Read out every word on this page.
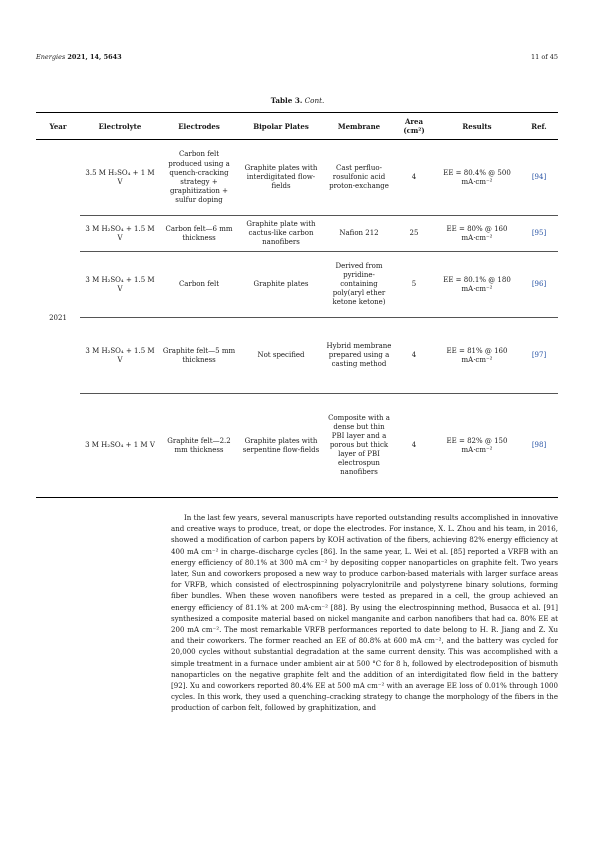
Energies 2021, 14, 5643	11 of 45
Table 3. Cont.
Year	Electrolyte	Electrodes	Bipolar Plates	Membrane	Area (cm²)	Results	Ref.
2021	3.5 M H₂SO₄ + 1 M V	Carbon felt produced using a quench-cracking strategy + graphitization + sulfur doping	Graphite plates with interdigitated flow-fields	Cast perfluo-rosulfonic acid proton-exchange	4	EE = 80.4% @ 500 mA·cm⁻²	[94]
	3 M H₂SO₄ + 1.5 M V	Carbon felt—6 mm thickness	Graphite plate with cactus-like carbon nanofibers	Nafion 212	25	EE = 80% @ 160 mA·cm⁻²	[95]
	3 M H₂SO₄ + 1.5 M V	Carbon felt	Graphite plates	Derived from pyridine-containing poly(aryl ether ketone ketone)	5	EE = 80.1% @ 180 mA·cm⁻²	[96]
	3 M H₂SO₄ + 1.5 M V	Graphite felt—5 mm thickness	Not specified	Hybrid membrane prepared using a casting method	4	EE = 81% @ 160 mA·cm⁻²	[97]
	3 M H₂SO₄ + 1 M V	Graphite felt—2.2 mm thickness	Graphite plates with serpentine flow-fields	Composite with a dense but thin PBI layer and a porous but thick layer of PBI electrospun nanofibers	4	EE = 82% @ 150 mA·cm⁻²	[98]

In the last few years, several manuscripts have reported outstanding results accomplished in innovative and creative ways to produce, treat, or dope the electrodes. For instance, X. L. Zhou and his team, in 2016, showed a modification of carbon papers by KOH activation of the fibers, achieving 82% energy efficiency at 400 mA cm⁻² in charge–discharge cycles [86]. In the same year, L. Wei et al. [85] reported a VRFB with an energy efficiency of 80.1% at 300 mA cm⁻² by depositing copper nanoparticles on graphite felt. Two years later, Sun and coworkers proposed a new way to produce carbon-based materials with larger surface areas for VRFB, which consisted of electrospinning polyacrylonitrile and polystyrene binary solutions, forming fiber bundles. When these woven nanofibers were tested as prepared in a cell, the group achieved an energy efficiency of 81.1% at 200 mA·cm⁻² [88]. By using the electrospinning method, Busacca et al. [91] synthesized a composite material based on nickel manganite and carbon nanofibers that had ca. 80% EE at 200 mA cm⁻². The most remarkable VRFB performances reported to date belong to H. R. Jiang and Z. Xu and their coworkers. The former reached an EE of 80.8% at 600 mA cm⁻², and the battery was cycled for 20,000 cycles without substantial degradation at the same current density. This was accomplished with a simple treatment in a furnace under ambient air at 500 °C for 8 h, followed by electrodeposition of bismuth nanoparticles on the negative graphite felt and the addition of an interdigitated flow field in the battery [92]. Xu and coworkers reported 80.4% EE at 500 mA cm⁻² with an average EE loss of 0.01% through 1000 cycles. In this work, they used a quenching–cracking strategy to change the morphology of the fibers in the production of carbon felt, followed by graphitization, and
